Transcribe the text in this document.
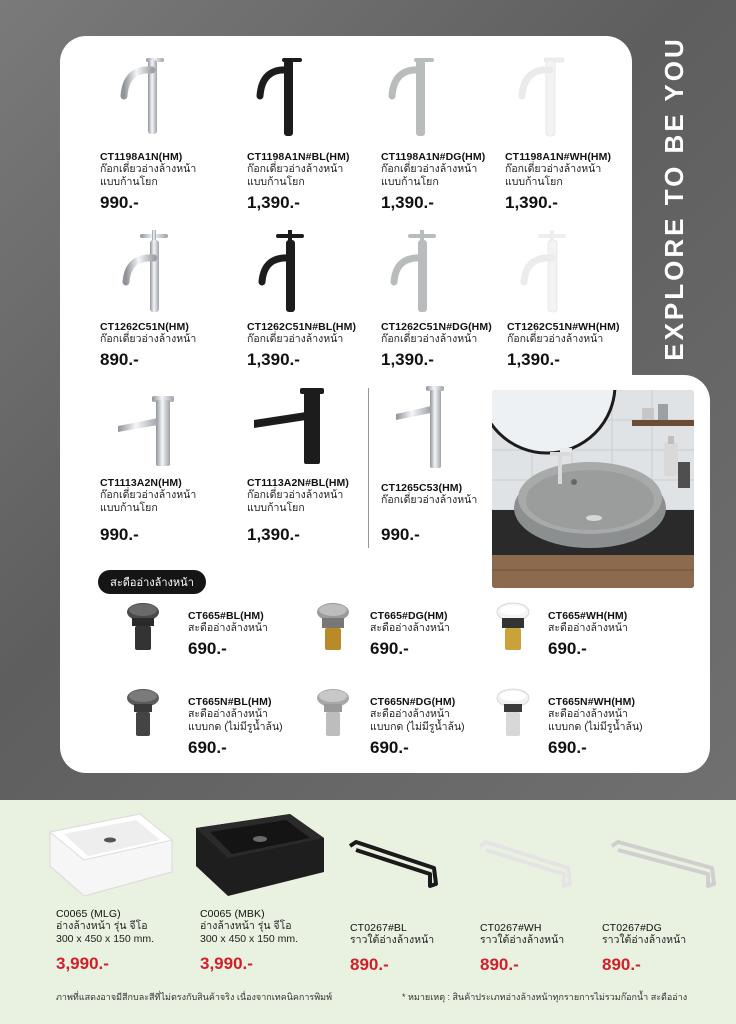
EXPLORE TO BE YOU
CT1198A1N(HM)
ก๊อกเดี่ยวอ่างล้างหน้า
แบบก้านโยก
990.-
CT1198A1N#BL(HM)
ก๊อกเดี่ยวอ่างล้างหน้า
แบบก้านโยก
1,390.-
CT1198A1N#DG(HM)
ก๊อกเดี่ยวอ่างล้างหน้า
แบบก้านโยก
1,390.-
CT1198A1N#WH(HM)
ก๊อกเดี่ยวอ่างล้างหน้า
แบบก้านโยก
1,390.-
CT1262C51N(HM)
ก๊อกเดี่ยวอ่างล้างหน้า
890.-
CT1262C51N#BL(HM)
ก๊อกเดี่ยวอ่างล้างหน้า
1,390.-
CT1262C51N#DG(HM)
ก๊อกเดี่ยวอ่างล้างหน้า
1,390.-
CT1262C51N#WH(HM)
ก๊อกเดี่ยวอ่างล้างหน้า
1,390.-
CT1113A2N(HM)
ก๊อกเดี่ยวอ่างล้างหน้า
แบบก้านโยก
990.-
CT1113A2N#BL(HM)
ก๊อกเดี่ยวอ่างล้างหน้า
แบบก้านโยก
1,390.-
CT1265C53(HM)
ก๊อกเดี่ยวอ่างล้างหน้า
990.-
สะดืออ่างล้างหน้า
CT665#BL(HM)
สะดืออ่างล้างหน้า
690.-
CT665#DG(HM)
สะดืออ่างล้างหน้า
690.-
CT665#WH(HM)
สะดืออ่างล้างหน้า
690.-
CT665N#BL(HM)
สะดืออ่างล้างหน้า
แบบกด (ไม่มีรูน้ำล้น)
690.-
CT665N#DG(HM)
สะดืออ่างล้างหน้า
แบบกด (ไม่มีรูน้ำล้น)
690.-
CT665N#WH(HM)
สะดืออ่างล้างหน้า
แบบกด (ไม่มีรูน้ำล้น)
690.-
C0065 (MLG)
อ่างล้างหน้า รุ่น จีโอ
300 x 450 x 150 mm.
3,990.-
C0065 (MBK)
อ่างล้างหน้า รุ่น จีโอ
300 x 450 x 150 mm.
3,990.-
CT0267#BL
ราวใต้อ่างล้างหน้า
890.-
CT0267#WH
ราวใต้อ่างล้างหน้า
890.-
CT0267#DG
ราวใต้อ่างล้างหน้า
890.-
ภาพที่แสดงอาจมีสีกบละสีที่ไม่ตรงกับสินค้าจริง เนื่องจากเทคนิคการพิมพ์	* หมายเหตุ : สินค้าประเภทอ่างล้างหน้าทุกรายการไม่รวมก๊อกน้ำ สะดืออ่าง
